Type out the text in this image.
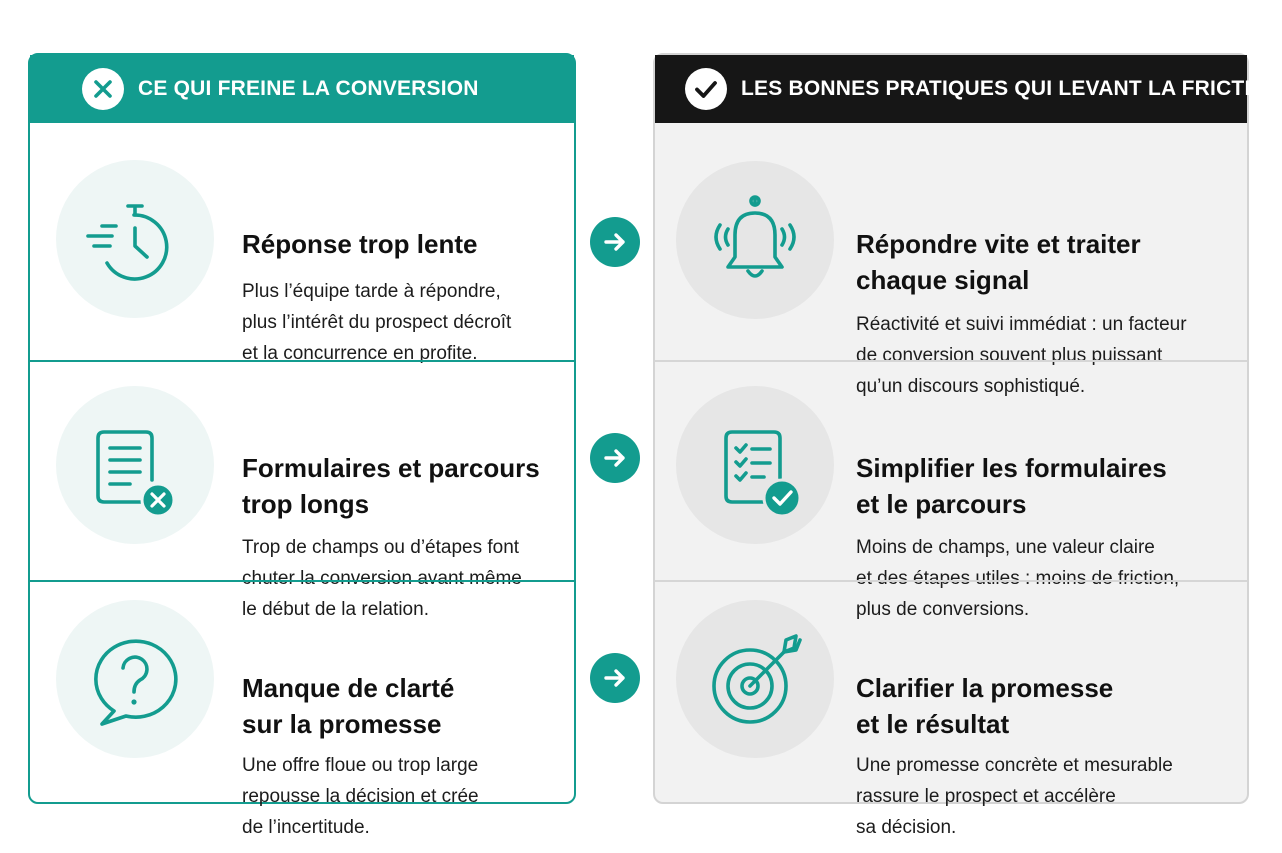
CE QUI FREINE LA CONVERSION
Réponse trop lente
Plus l’équipe tarde à répondre,
plus l’intérêt du prospect décroît
et la concurrence en profite.
Formulaires et parcours
trop longs
Trop de champs ou d’étapes font
chuter la conversion avant même
le début de la relation.
Manque de clarté
sur la promesse
Une offre floue ou trop large
repousse la décision et crée
de l’incertitude.
LES BONNES PRATIQUES QUI LEVANT LA FRICTION
Répondre vite et traiter
chaque signal
Réactivité et suivi immédiat : un facteur
de conversion souvent plus puissant
qu’un discours sophistiqué.
Simplifier les formulaires
et le parcours
Moins de champs, une valeur claire
et des étapes utiles : moins de friction,
plus de conversions.
Clarifier la promesse
et le résultat
Une promesse concrète et mesurable
rassure le prospect et accélère
sa décision.
